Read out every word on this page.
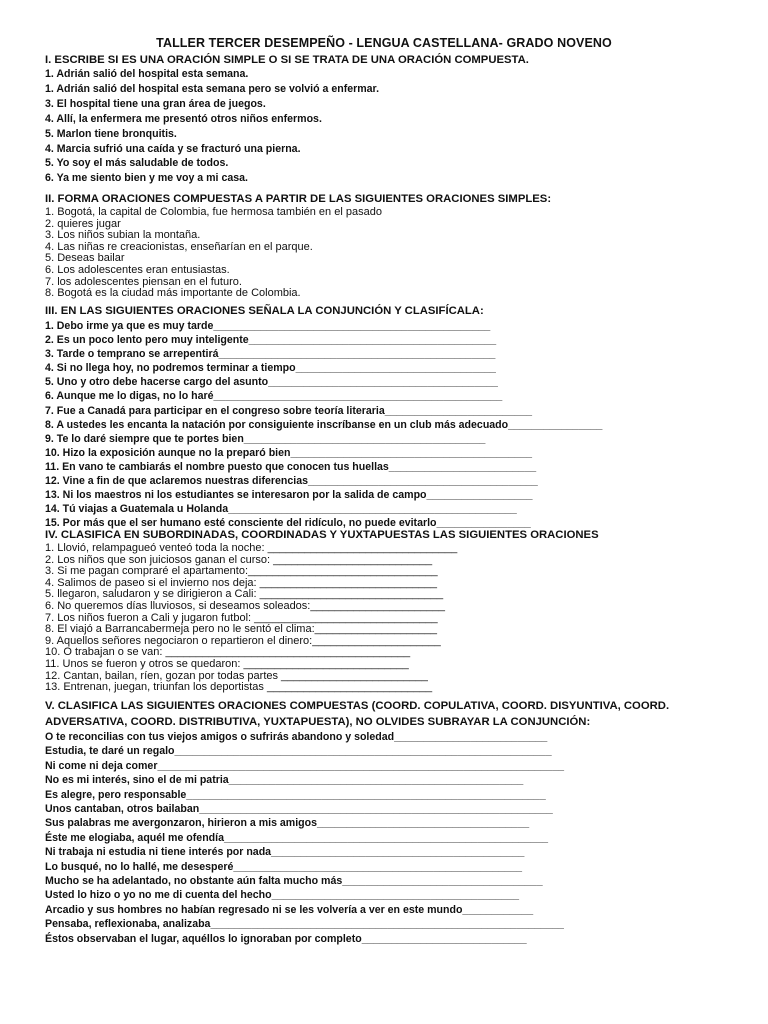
TALLER TERCER DESEMPEÑO - LENGUA CASTELLANA- GRADO NOVENO
I. ESCRIBE SI ES UNA ORACIÓN SIMPLE O SI SE TRATA DE UNA ORACIÓN COMPUESTA.
1. Adrián salió del hospital esta semana.
1. Adrián salió del hospital esta semana pero se volvió a enfermar.
3. El hospital tiene una gran área de juegos.
4. Allí, la enfermera me presentó otros niños enfermos.
5. Marlon tiene bronquitis.
4. Marcia sufrió una caída y se fracturó una pierna.
5. Yo soy el más saludable de todos.
6. Ya me siento bien y me voy a mi casa.
II. FORMA ORACIONES COMPUESTAS A PARTIR DE LAS SIGUIENTES ORACIONES SIMPLES:
1. Bogotá, la capital de Colombia, fue hermosa también en el pasado
2. quieres jugar
3. Los niños subian la montaña.
4. Las niñas re creacionistas, enseñarían en el parque.
5. Deseas bailar
6. Los adolescentes eran entusiastas.
7. los adolescentes piensan en el futuro.
8. Bogotá es la ciudad más importante de Colombia.
III. EN LAS SIGUIENTES ORACIONES SEÑALA LA CONJUNCIÓN Y CLASIFÍCALA:
1. Debo irme ya que es muy tarde_______________________________________________
2. Es un poco lento pero muy inteligente__________________________________________
3. Tarde o temprano se arrepentirá_______________________________________________
4. Si no llega hoy, no podremos terminar a tiempo__________________________________
5. Uno y otro debe hacerse cargo del asunto_______________________________________
6. Aunque me lo digas, no lo haré_________________________________________________
7. Fue a Canadá para participar en el congreso sobre teoría literaria_________________________
8. A ustedes les encanta la natación por consiguiente inscríbanse en un club más adecuado________________
9. Te lo daré siempre que te portes bien_________________________________________
10. Hizo la exposición aunque no la preparó bien_________________________________________
11. En vano te cambiarás el nombre puesto que conocen tus huellas_________________________
12. Vine a fin de que aclaremos nuestras diferencias_______________________________________
13. Ni los maestros ni los estudiantes se interesaron por la salida de campo__________________
14. Tú viajas a Guatemala u Holanda_________________________________________________
15. Por más que el ser humano esté consciente del ridículo, no puede evitarlo________________
IV. CLASIFICA EN SUBORDINADAS, COORDINADAS Y YUXTAPUESTAS LAS SIGUIENTES ORACIONES
1. Llovió, relampagueó venteó toda la noche: _______________________________
2. Los niños que son juiciosos ganan el curso: __________________________
3. Si me pagan compraré el apartamento:_______________________________
4. Salimos de paseo si el invierno nos deja: _____________________________
5. llegaron, saludaron y se dirigieron a Cali: ______________________________
6. No queremos días lluviosos, si deseamos soleados:______________________
7. Los niños fueron a Cali y jugaron futbol: ______________________________
8. El viajó a Barrancabermeja pero no le sentó el clima:____________________
9. Aquellos señores negociaron o repartieron el dinero:_____________________
10. O trabajan o se van: ________________________________________
11. Unos se fueron y otros se quedaron: ___________________________
12. Cantan, bailan, ríen, gozan por todas partes ________________________
13. Entrenan, juegan, triunfan los deportistas ___________________________
V. CLASIFICA LAS SIGUIENTES ORACIONES COMPUESTAS (COORD. COPULATIVA, COORD. DISYUNTIVA, COORD.
ADVERSATIVA, COORD. DISTRIBUTIVA, YUXTAPUESTA), NO OLVIDES SUBRAYAR LA CONJUNCIÓN:
O te reconcilias con tus viejos amigos o sufrirás abandono y soledad__________________________
Estudia, te daré un regalo________________________________________________________________
Ni come ni deja comer_____________________________________________________________________
No es mi interés, sino el de mi patria__________________________________________________
Es alegre, pero responsable_____________________________________________________________
Unos cantaban, otros bailaban____________________________________________________________
Sus palabras me avergonzaron, hirieron a mis amigos____________________________________
Éste me elogiaba, aquél me ofendía_______________________________________________________
Ni trabaja ni estudia ni tiene interés por nada___________________________________________
Lo busqué, no lo hallé, me desesperé_________________________________________________
Mucho se ha adelantado, no obstante aún falta mucho más__________________________________
Usted lo hizo o yo no me di cuenta del hecho__________________________________________
Arcadio y sus hombres no habían regresado ni se les volvería a ver en este mundo____________
Pensaba, reflexionaba, analizaba____________________________________________________________
Éstos observaban el lugar, aquéllos lo ignoraban por completo____________________________
